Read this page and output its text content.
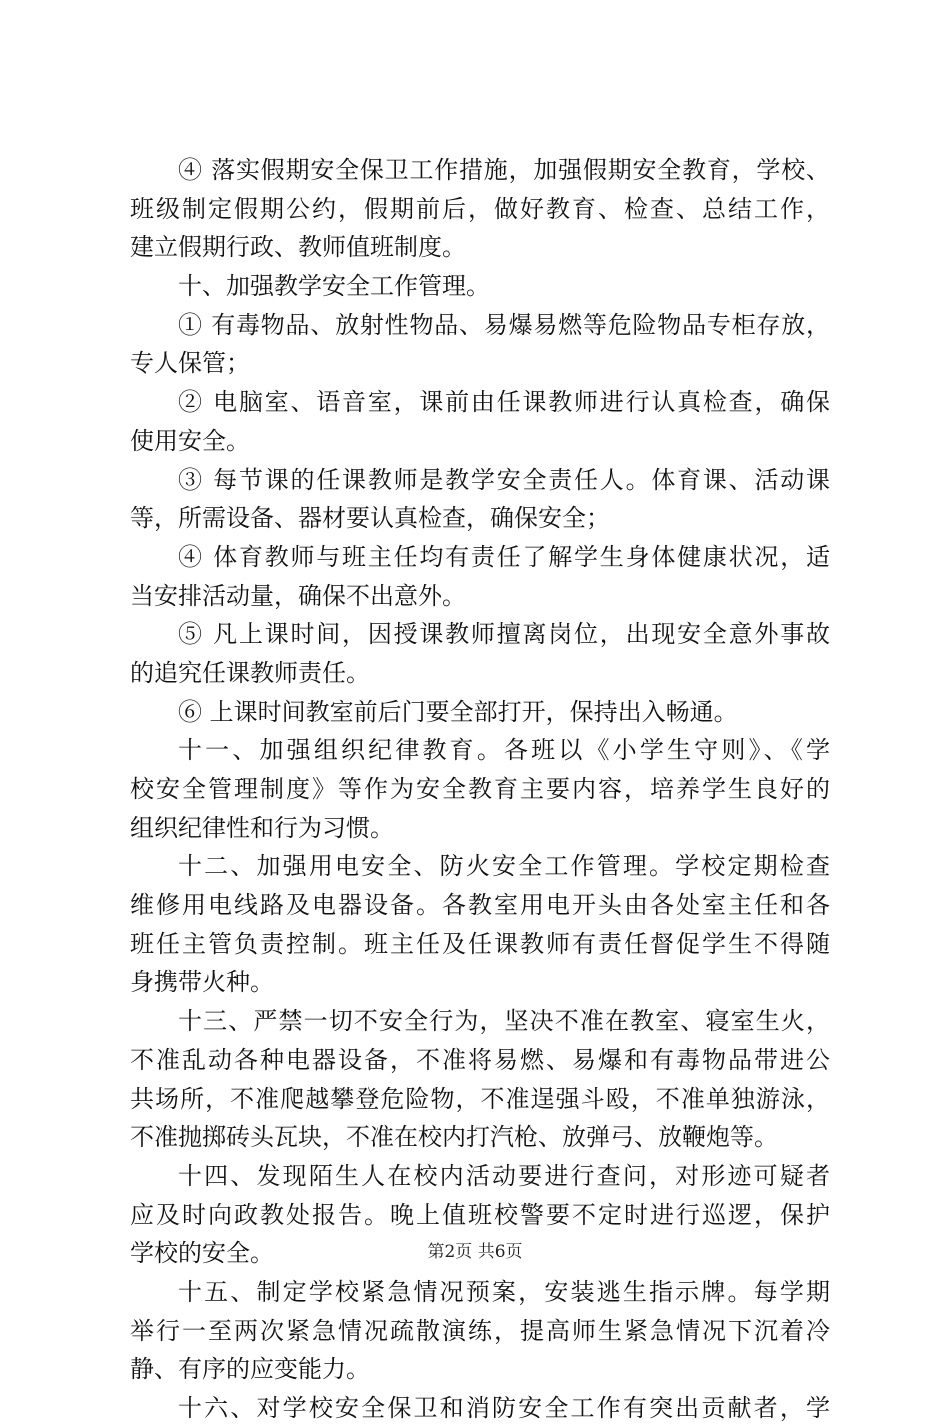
④ 落实假期安全保卫工作措施，加强假期安全教育，学校、
班级制定假期公约，假期前后，做好教育、检查、总结工作，
建立假期行政、教师值班制度。
十、加强教学安全工作管理。
① 有毒物品、放射性物品、易爆易燃等危险物品专柜存放，
专人保管；
② 电脑室、语音室，课前由任课教师进行认真检查，确保
使用安全。
③ 每节课的任课教师是教学安全责任人。体育课、活动课
等，所需设备、器材要认真检查，确保安全；
④ 体育教师与班主任均有责任了解学生身体健康状况，适
当安排活动量，确保不出意外。
⑤ 凡上课时间，因授课教师擅离岗位，出现安全意外事故
的追究任课教师责任。
⑥ 上课时间教室前后门要全部打开，保持出入畅通。
十一、加强组织纪律教育。各班以《小学生守则》、《学
校安全管理制度》等作为安全教育主要内容，培养学生良好的
组织纪律性和行为习惯。
十二、加强用电安全、防火安全工作管理。学校定期检查
维修用电线路及电器设备。各教室用电开头由各处室主任和各
班任主管负责控制。班主任及任课教师有责任督促学生不得随
身携带火种。
十三、严禁一切不安全行为，坚决不准在教室、寝室生火，
不准乱动各种电器设备，不准将易燃、易爆和有毒物品带进公
共场所，不准爬越攀登危险物，不准逞强斗殴，不准单独游泳，
不准抛掷砖头瓦块，不准在校内打汽枪、放弹弓、放鞭炮等。
十四、发现陌生人在校内活动要进行查问，对形迹可疑者
应及时向政教处报告。晚上值班校警要不定时进行巡逻，保护
学校的安全。
十五、制定学校紧急情况预案，安装逃生指示牌。每学期
举行一至两次紧急情况疏散演练，提高师生紧急情况下沉着冷
静、有序的应变能力。
十六、对学校安全保卫和消防安全工作有突出贡献者，学
第2页 共6页
